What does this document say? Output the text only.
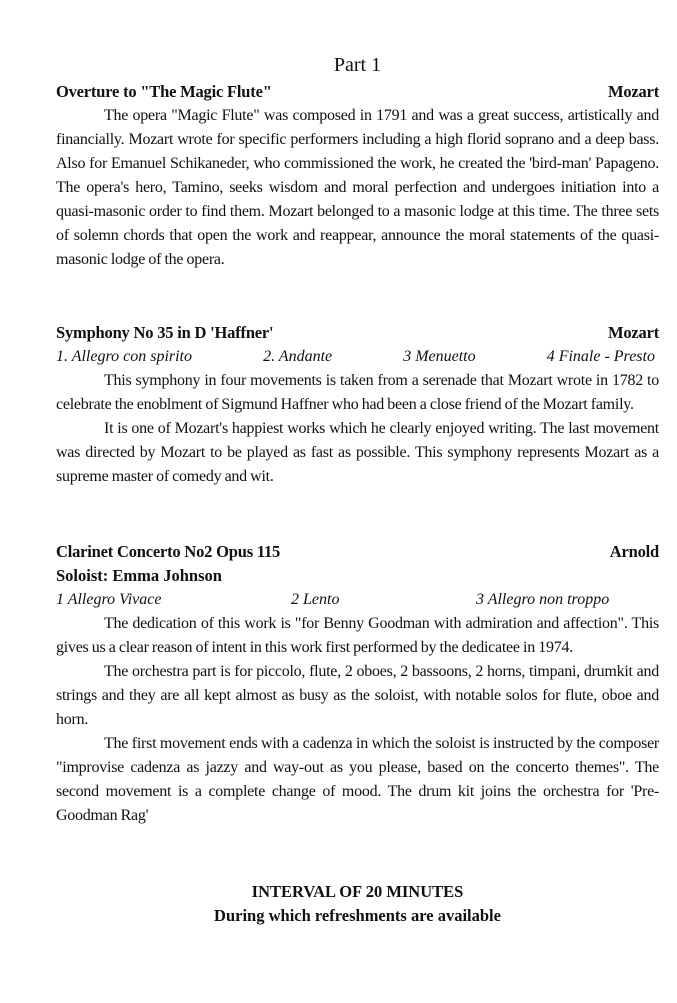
Part 1
Overture to "The Magic Flute"	Mozart

The opera "Magic Flute" was composed in 1791 and was a great success, artistically and financially. Mozart wrote for specific performers including a high florid soprano and a deep bass. Also for Emanuel Schikaneder, who commissioned the work, he created the 'bird-man' Papageno. The opera's hero, Tamino, seeks wisdom and moral perfection and undergoes initiation into a quasi-masonic order to find them. Mozart belonged to a masonic lodge at this time. The three sets of solemn chords that open the work and reappear, announce the moral statements of the quasi-masonic lodge of the opera.

Symphony No 35 in D 'Haffner'	Mozart
1. Allegro con spirito	2. Andante	3 Menuetto	4 Finale - Presto

This symphony in four movements is taken from a serenade that Mozart wrote in 1782 to celebrate the enoblment of Sigmund Haffner who had been a close friend of the Mozart family.

It is one of Mozart's happiest works which he clearly enjoyed writing. The last movement was directed by Mozart to be played as fast as possible. This symphony represents Mozart as a supreme master of comedy and wit.

Clarinet Concerto No2 Opus 115	Arnold
Soloist: Emma Johnson
1 Allegro Vivace	2 Lento	3 Allegro non troppo

The dedication of this work is "for Benny Goodman with admiration and affection". This gives us a clear reason of intent in this work first performed by the dedicatee in 1974.

The orchestra part is for piccolo, flute, 2 oboes, 2 bassoons, 2 horns, timpani, drumkit and strings and they are all kept almost as busy as the soloist, with notable solos for flute, oboe and horn.

The first movement ends with a cadenza in which the soloist is instructed by the composer "improvise cadenza as jazzy and way-out as you please, based on the concerto themes". The second movement is a complete change of mood. The drum kit joins the orchestra for 'Pre-Goodman Rag'

INTERVAL OF 20 MINUTES
During which refreshments are available
